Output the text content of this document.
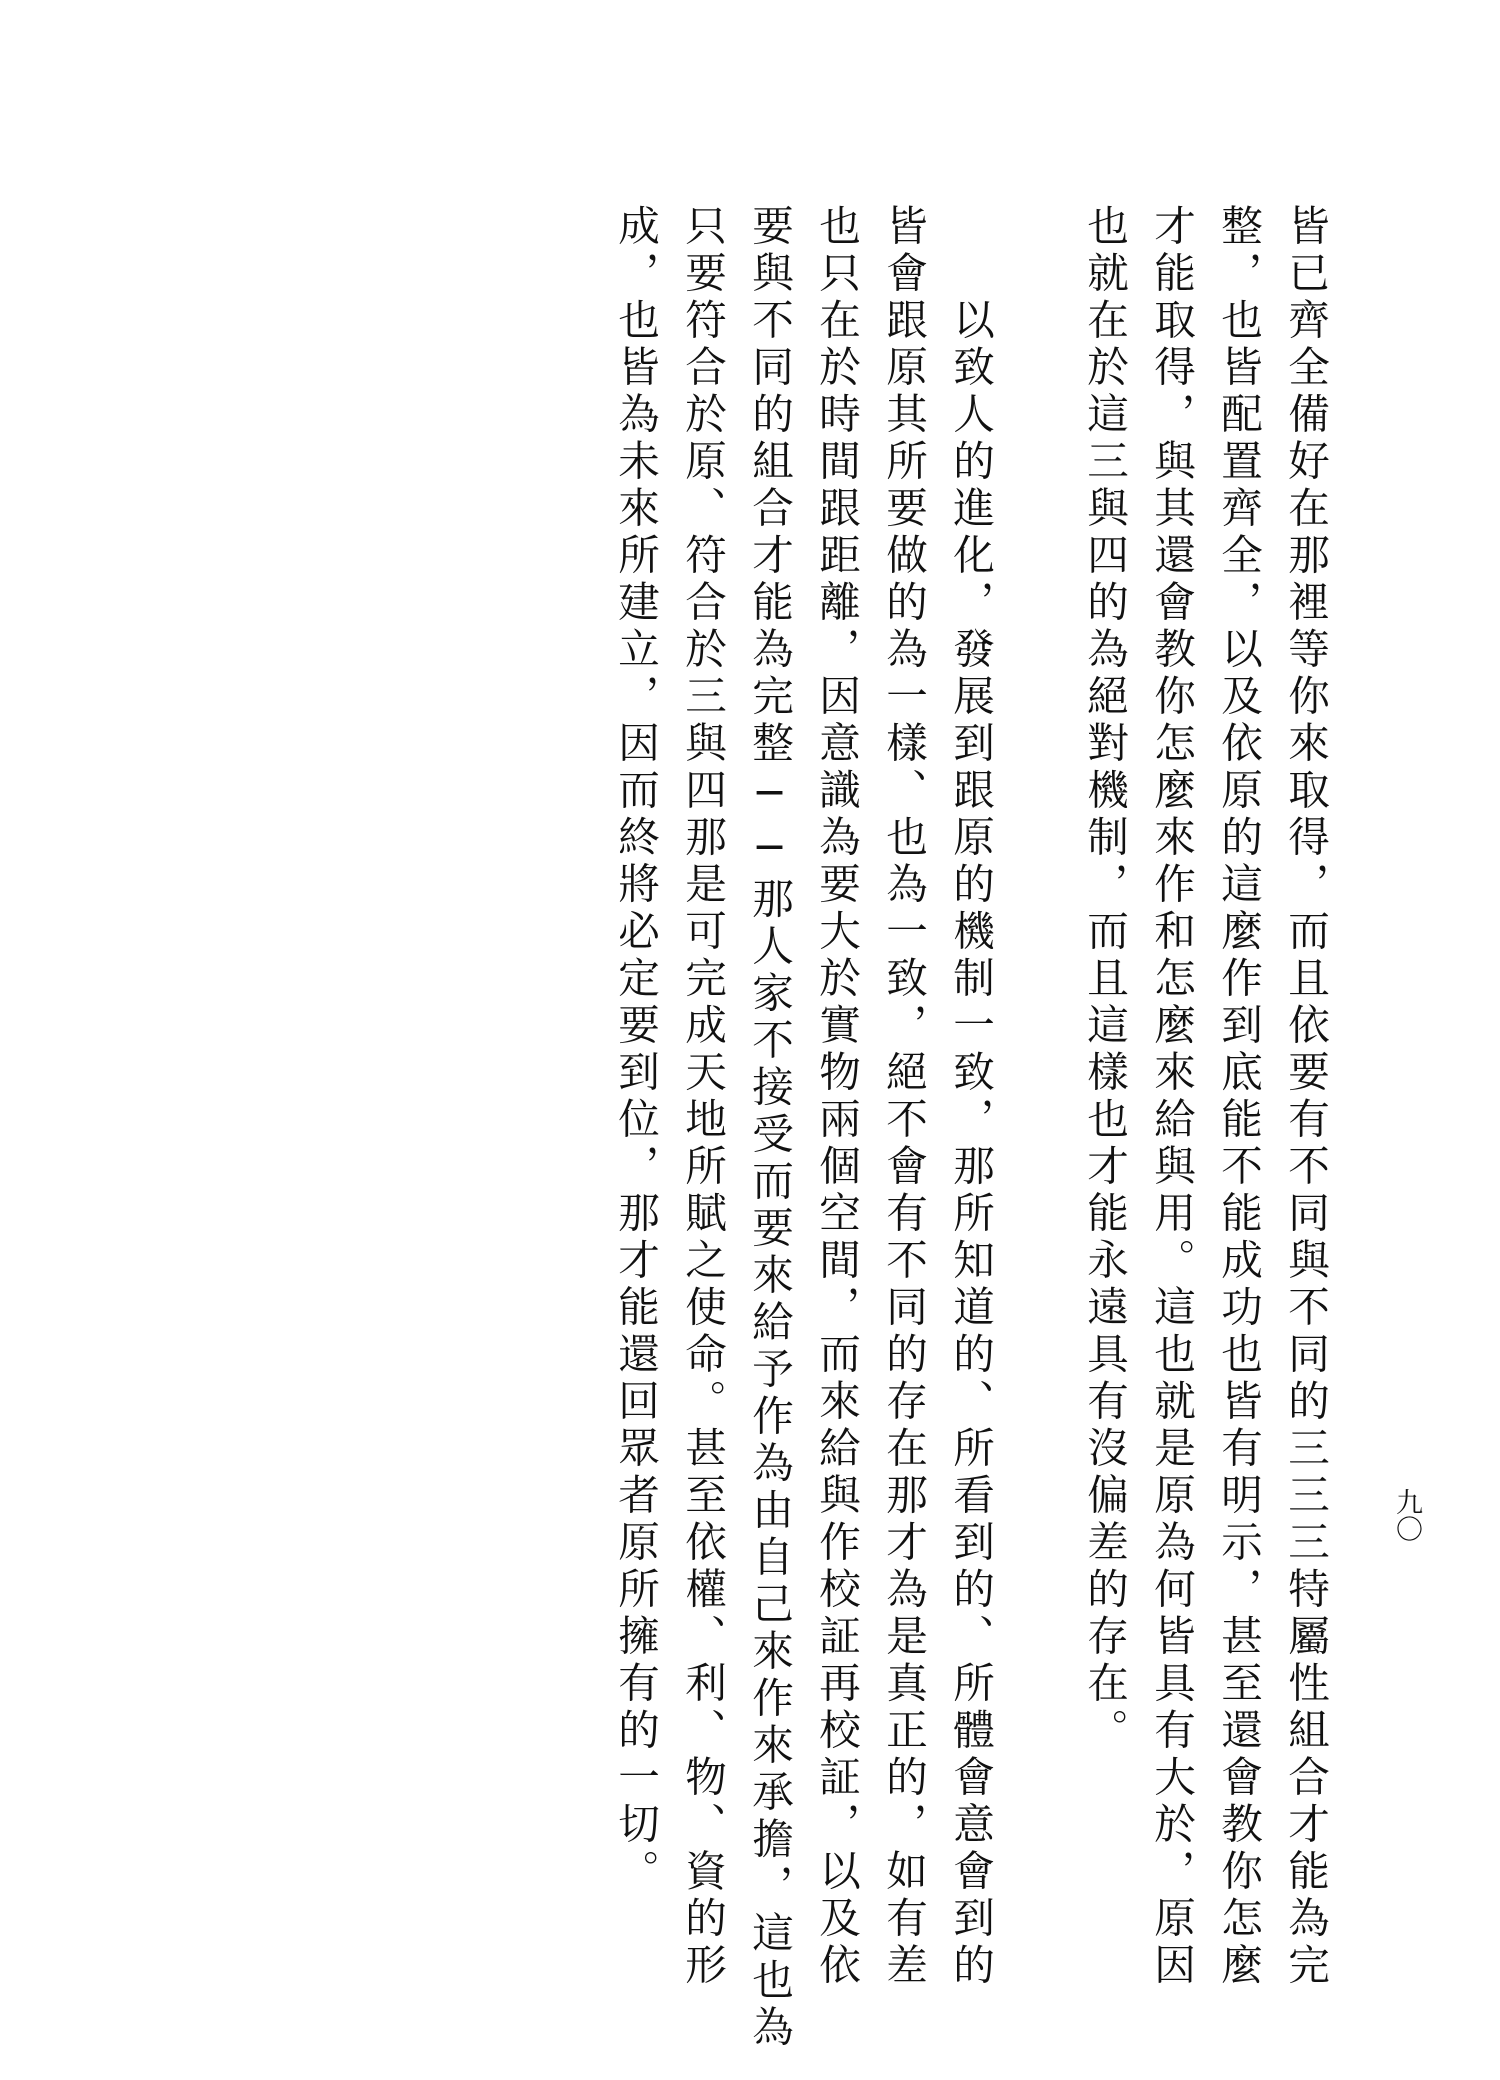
九〇
皆已齊全備好在那裡等你來取得，而且依要有不同與不同的三三三特屬性組合才能為完
整，也皆配置齊全，以及依原的這麼作到底能不能成功也皆有明示，甚至還會教你怎麼
才能取得，與其還會教你怎麼來作和怎麼來給與用。這也就是原為何皆具有大於，原因
也就在於這三與四的為絕對機制，而且這樣也才能永遠具有沒偏差的存在。
以致人的進化，發展到跟原的機制一致，那所知道的、所看到的、所體會意會到的
皆會跟原其所要做的為一樣、也為一致，絕不會有不同的存在那才為是真正的，如有差
也只在於時間跟距離，因意識為要大於實物兩個空間，而來給與作校証再校証，以及依
要與不同的組合才能為完整──那人家不接受而要來給予作為由自己來作來承擔，這也為
只要符合於原、符合於三與四那是可完成天地所賦之使命。甚至依權、利、物、資的形
成，也皆為未來所建立，因而終將必定要到位，那才能還回眾者原所擁有的一切。
